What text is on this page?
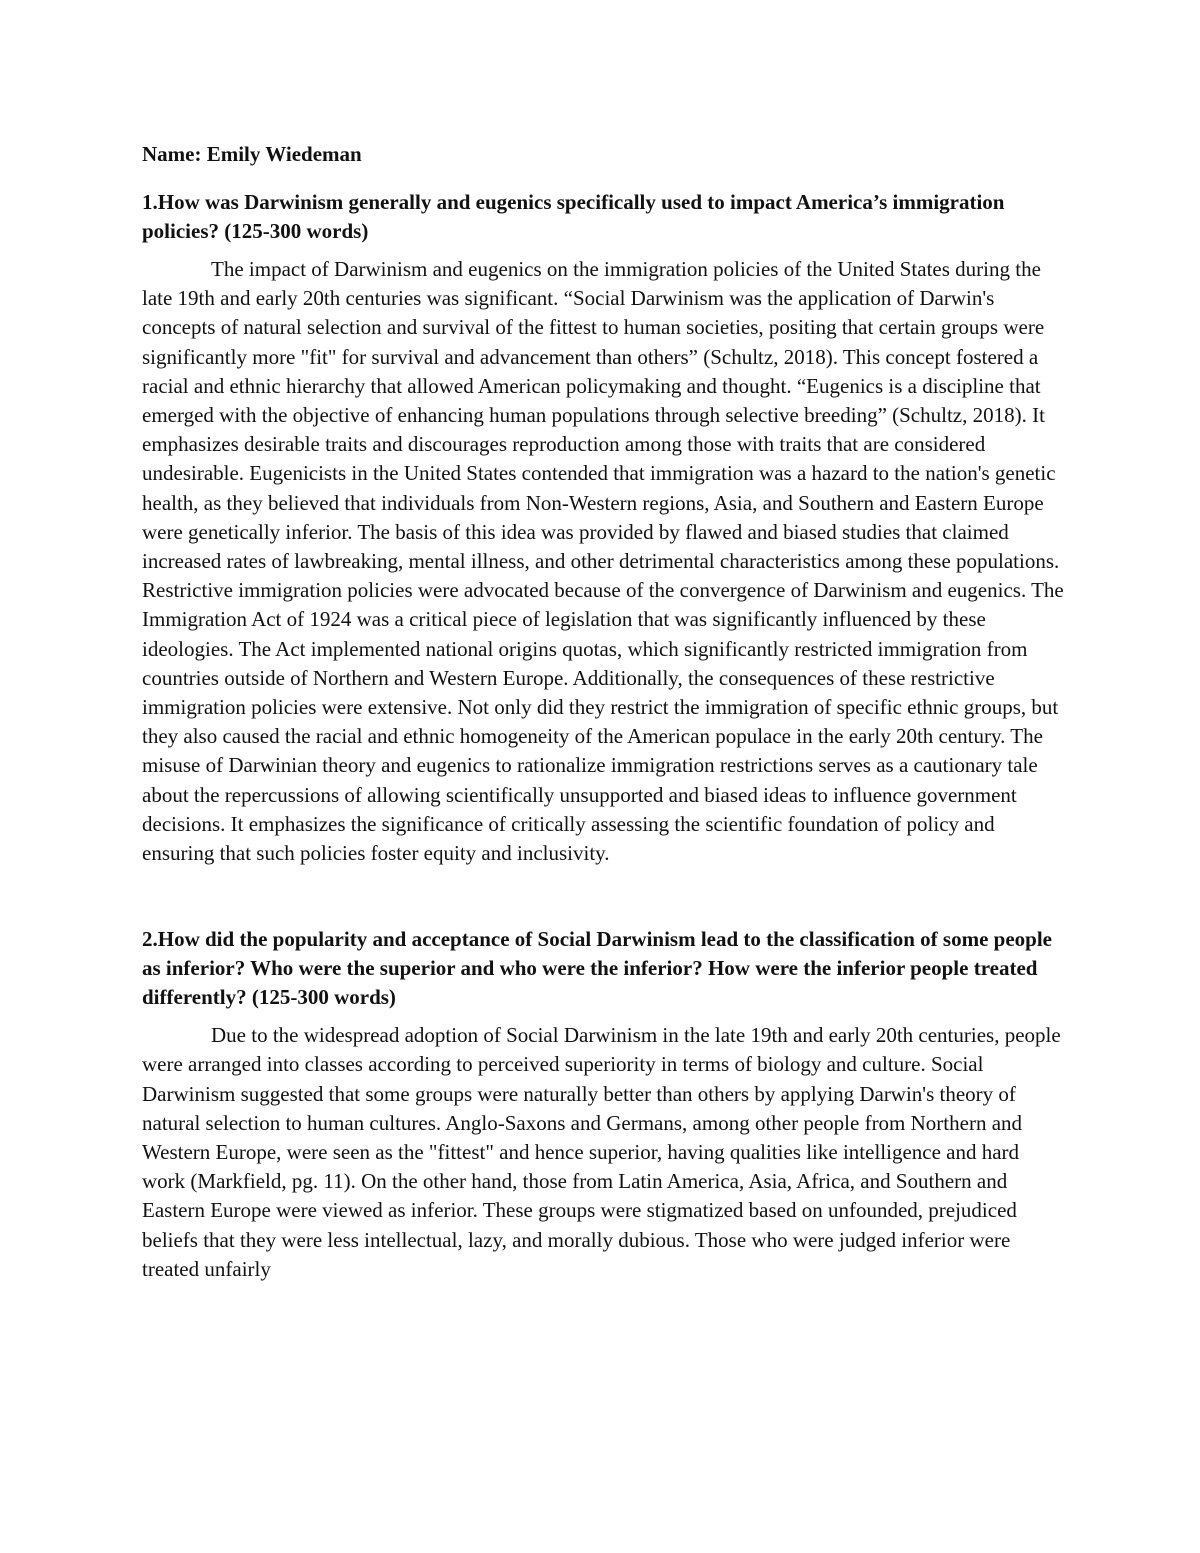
Name: Emily Wiedeman

1.How was Darwinism generally and eugenics specifically used to impact America’s immigration policies? (125-300 words)

The impact of Darwinism and eugenics on the immigration policies of the United States during the late 19th and early 20th centuries was significant. “Social Darwinism was the application of Darwin's concepts of natural selection and survival of the fittest to human societies, positing that certain groups were significantly more "fit" for survival and advancement than others” (Schultz, 2018). This concept fostered a racial and ethnic hierarchy that allowed American policymaking and thought. “Eugenics is a discipline that emerged with the objective of enhancing human populations through selective breeding” (Schultz, 2018). It emphasizes desirable traits and discourages reproduction among those with traits that are considered undesirable. Eugenicists in the United States contended that immigration was a hazard to the nation's genetic health, as they believed that individuals from Non-Western regions, Asia, and Southern and Eastern Europe were genetically inferior. The basis of this idea was provided by flawed and biased studies that claimed increased rates of lawbreaking, mental illness, and other detrimental characteristics among these populations. Restrictive immigration policies were advocated because of the convergence of Darwinism and eugenics. The Immigration Act of 1924 was a critical piece of legislation that was significantly influenced by these ideologies. The Act implemented national origins quotas, which significantly restricted immigration from countries outside of Northern and Western Europe. Additionally, the consequences of these restrictive immigration policies were extensive. Not only did they restrict the immigration of specific ethnic groups, but they also caused the racial and ethnic homogeneity of the American populace in the early 20th century. The misuse of Darwinian theory and eugenics to rationalize immigration restrictions serves as a cautionary tale about the repercussions of allowing scientifically unsupported and biased ideas to influence government decisions. It emphasizes the significance of critically assessing the scientific foundation of policy and ensuring that such policies foster equity and inclusivity.

2.How did the popularity and acceptance of Social Darwinism lead to the classification of some people as inferior? Who were the superior and who were the inferior? How were the inferior people treated differently? (125-300 words)

Due to the widespread adoption of Social Darwinism in the late 19th and early 20th centuries, people were arranged into classes according to perceived superiority in terms of biology and culture. Social Darwinism suggested that some groups were naturally better than others by applying Darwin's theory of natural selection to human cultures. Anglo-Saxons and Germans, among other people from Northern and Western Europe, were seen as the "fittest" and hence superior, having qualities like intelligence and hard work (Markfield, pg. 11). On the other hand, those from Latin America, Asia, Africa, and Southern and Eastern Europe were viewed as inferior. These groups were stigmatized based on unfounded, prejudiced beliefs that they were less intellectual, lazy, and morally dubious. Those who were judged inferior were treated unfairly
